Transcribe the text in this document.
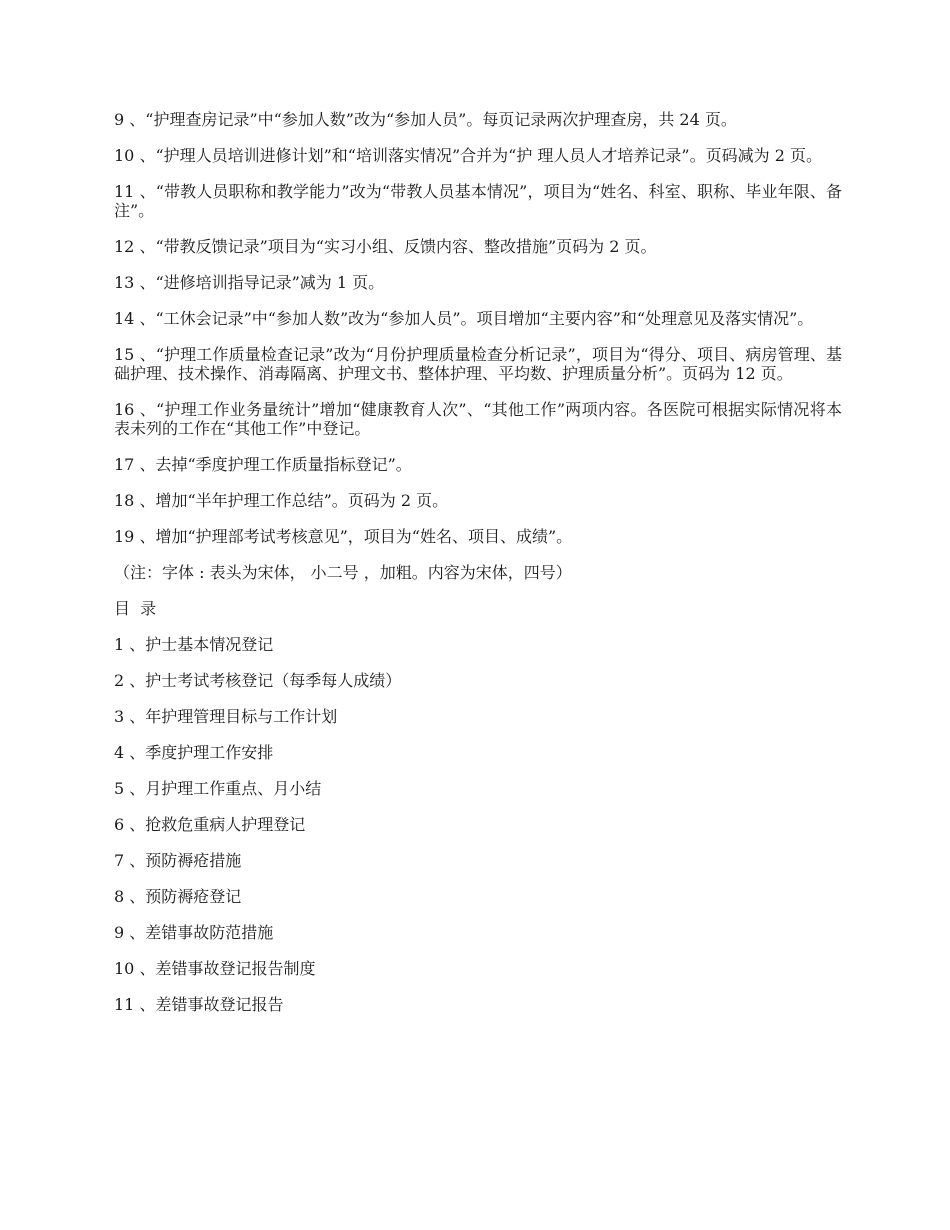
9 、“护理查房记录”中“参加人数”改为“参加人员”。每页记录两次护理查房，共 24 页。

10 、“护理人员培训进修计划”和“培训落实情况”合并为“护 理人员人才培养记录”。页码减为 2 页。

11 、“带教人员职称和教学能力”改为“带教人员基本情况”，项目为“姓名、科室、职称、毕业年限、备注”。

12 、“带教反馈记录”项目为“实习小组、反馈内容、整改措施”页码为 2 页。

13 、“进修培训指导记录”减为 1 页。

14 、“工休会记录”中“参加人数”改为“参加人员”。项目增加“主要内容”和“处理意见及落实情况”。

15 、“护理工作质量检查记录”改为“月份护理质量检查分析记录”，项目为“得分、项目、病房管理、基础护理、技术操作、消毒隔离、护理文书、整体护理、平均数、护理质量分析”。页码为 12 页。

16 、“护理工作业务量统计”增加“健康教育人次”、“其他工作”两项内容。各医院可根据实际情况将本表未列的工作在“其他工作”中登记。

17 、去掉“季度护理工作质量指标登记”。

18 、增加“半年护理工作总结”。页码为 2 页。

19 、增加“护理部考试考核意见”，项目为“姓名、项目、成绩”。

（注：字体 : 表头为宋体， 小二号 ，加粗。内容为宋体，四号）

目  录

1 、护士基本情况登记

2 、护士考试考核登记（每季每人成绩）

3 、年护理管理目标与工作计划

4 、季度护理工作安排

5 、月护理工作重点、月小结

6 、抢救危重病人护理登记

7 、预防褥疮措施

8 、预防褥疮登记

9 、差错事故防范措施

10 、差错事故登记报告制度

11 、差错事故登记报告
